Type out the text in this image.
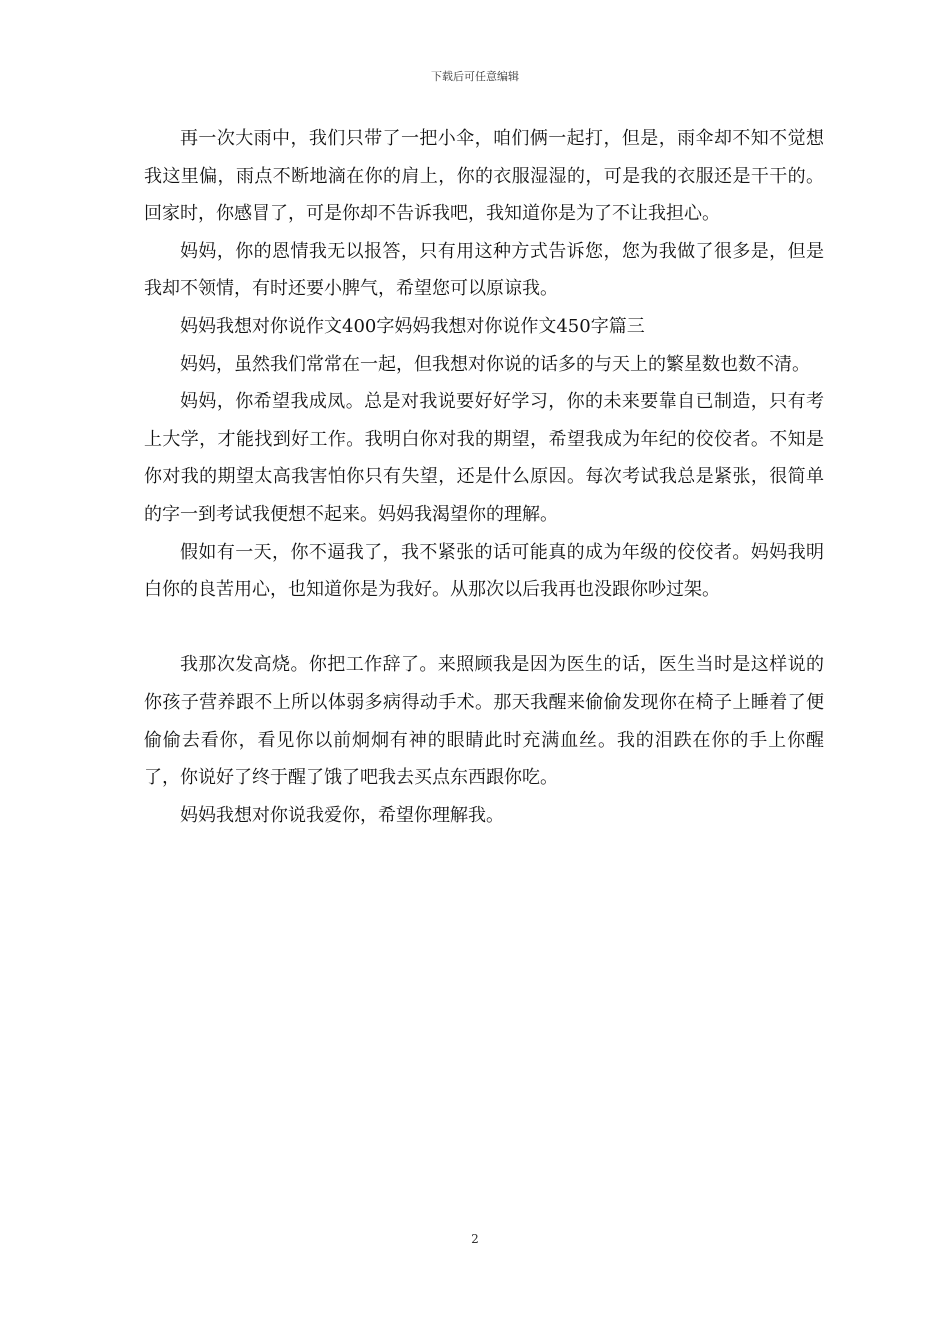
下载后可任意编辑

再一次大雨中，我们只带了一把小伞，咱们俩一起打，但是，雨伞却不知不觉想我这里偏，雨点不断地滴在你的肩上，你的衣服湿湿的，可是我的衣服还是干干的。回家时，你感冒了，可是你却不告诉我吧，我知道你是为了不让我担心。

妈妈，你的恩情我无以报答，只有用这种方式告诉您，您为我做了很多是，但是我却不领情，有时还要小脾气，希望您可以原谅我。

妈妈我想对你说作文400字妈妈我想对你说作文450字篇三

妈妈，虽然我们常常在一起，但我想对你说的话多的与天上的繁星数也数不清。

妈妈，你希望我成凤。总是对我说要好好学习，你的未来要靠自已制造，只有考上大学，才能找到好工作。我明白你对我的期望，希望我成为年纪的佼佼者。不知是你对我的期望太高我害怕你只有失望，还是什么原因。每次考试我总是紧张，很简单的字一到考试我便想不起来。妈妈我渴望你的理解。

假如有一天，你不逼我了，我不紧张的话可能真的成为年级的佼佼者。妈妈我明白你的良苦用心，也知道你是为我好。从那次以后我再也没跟你吵过架。

我那次发高烧。你把工作辞了。来照顾我是因为医生的话，医生当时是这样说的你孩子营养跟不上所以体弱多病得动手术。那天我醒来偷偷发现你在椅子上睡着了便偷偷去看你，看见你以前炯炯有神的眼睛此时充满血丝。我的泪跌在你的手上你醒了，你说好了终于醒了饿了吧我去买点东西跟你吃。

妈妈我想对你说我爱你，希望你理解我。

2
